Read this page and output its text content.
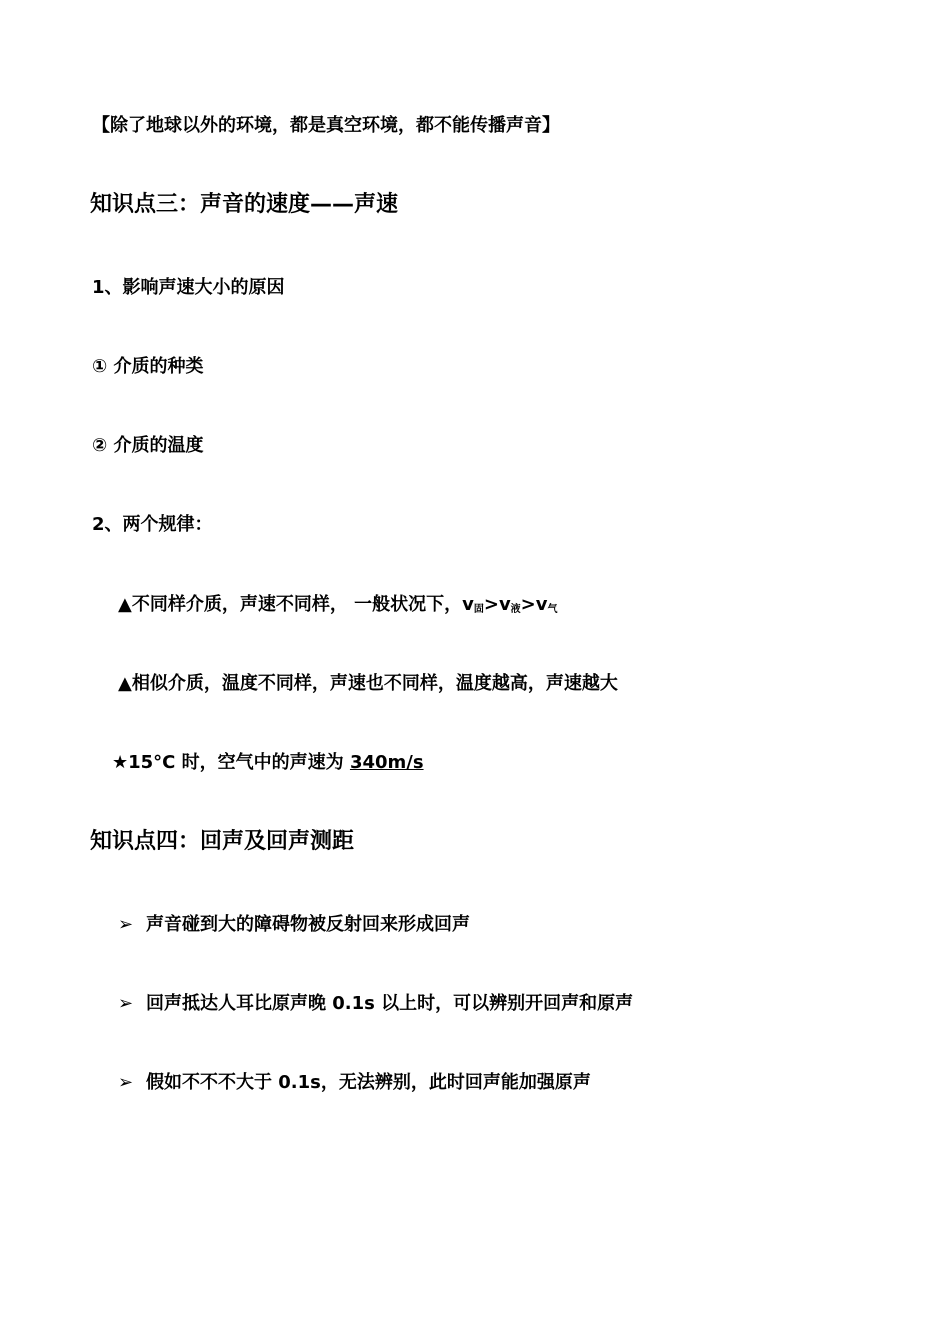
【除了地球以外的环境，都是真空环境，都不能传播声音】
知识点三：声音的速度——声速
1、影响声速大小的原因
① 介质的种类
② 介质的温度
2、两个规律：
▲不同样介质，声速不同样， 一般状况下，$v_固>v_液>v_气$
▲相似介质，温度不同样，声速也不同样，温度越高，声速越大
★15°C 时，空气中的声速为 340m/s
知识点四：回声及回声测距
➢ 声音碰到大的障碍物被反射回来形成回声
➢ 回声抵达人耳比原声晚 0.1s 以上时，可以辨别开回声和原声
➢ 假如不不不大于 0.1s，无法辨别，此时回声能加强原声
